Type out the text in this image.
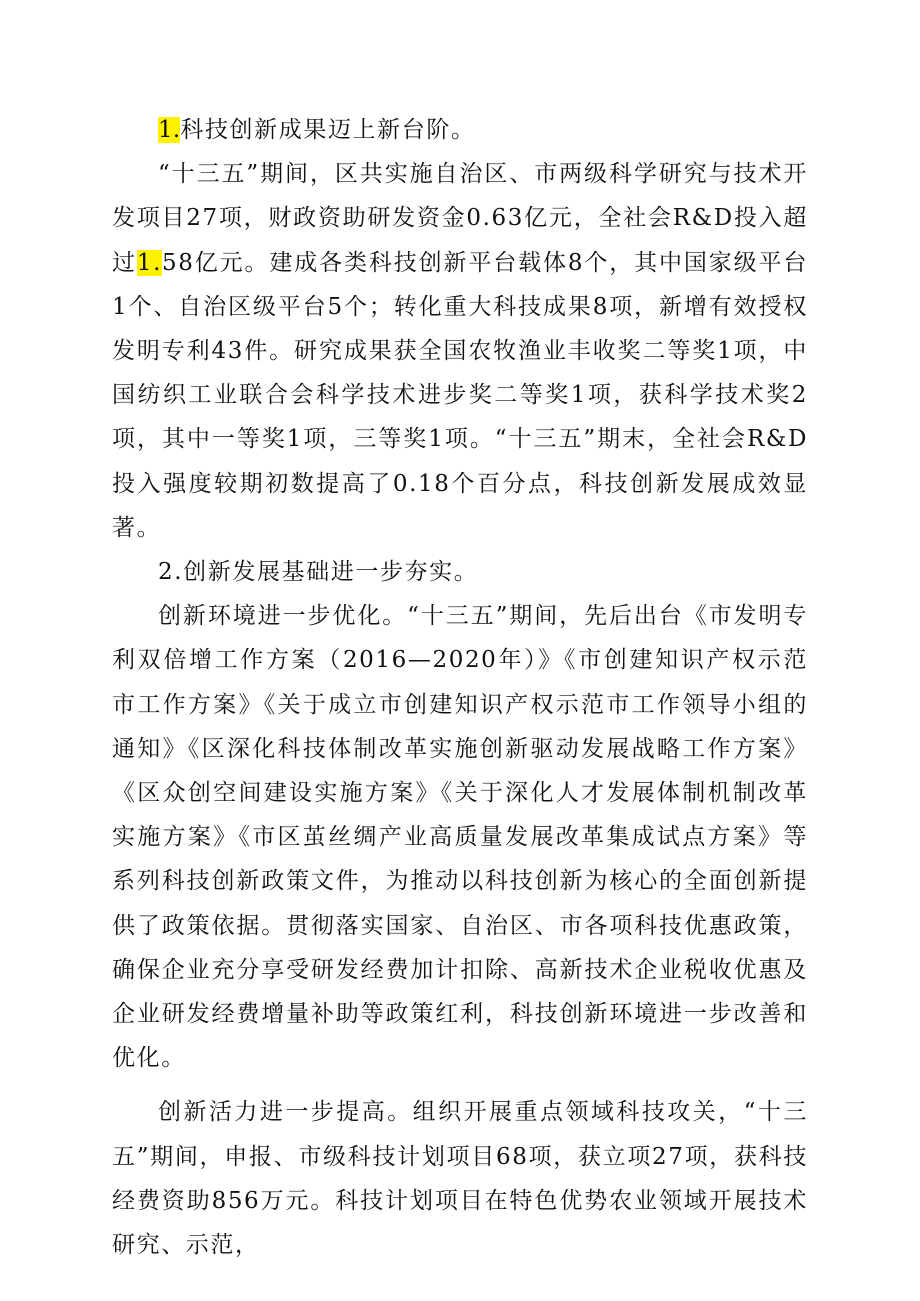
1.科技创新成果迈上新台阶。

“十三五”期间，区共实施自治区、市两级科学研究与技术开发项目27项，财政资助研发资金0.63亿元，全社会R&D投入超过1.58亿元。建成各类科技创新平台载体8个，其中国家级平台1个、自治区级平台5个；转化重大科技成果8项，新增有效授权发明专利43件。研究成果获全国农牧渔业丰收奖二等奖1项，中国纺织工业联合会科学技术进步奖二等奖1项，获科学技术奖2项，其中一等奖1项，三等奖1项。“十三五”期末，全社会R&D投入强度较期初数提高了0.18个百分点，科技创新发展成效显著。

2.创新发展基础进一步夯实。

创新环境进一步优化。“十三五”期间，先后出台《市发明专利双倍增工作方案（2016—2020年）》《市创建知识产权示范市工作方案》《关于成立市创建知识产权示范市工作领导小组的通知》《区深化科技体制改革实施创新驱动发展战略工作方案》《区众创空间建设实施方案》《关于深化人才发展体制机制改革实施方案》《市区茧丝绸产业高质量发展改革集成试点方案》等系列科技创新政策文件，为推动以科技创新为核心的全面创新提供了政策依据。贯彻落实国家、自治区、市各项科技优惠政策，确保企业充分享受研发经费加计扣除、高新技术企业税收优惠及企业研发经费增量补助等政策红利，科技创新环境进一步改善和优化。

创新活力进一步提高。组织开展重点领域科技攻关，“十三五”期间，申报、市级科技计划项目68项，获立项27项，获科技经费资助856万元。科技计划项目在特色优势农业领域开展技术研究、示范，
